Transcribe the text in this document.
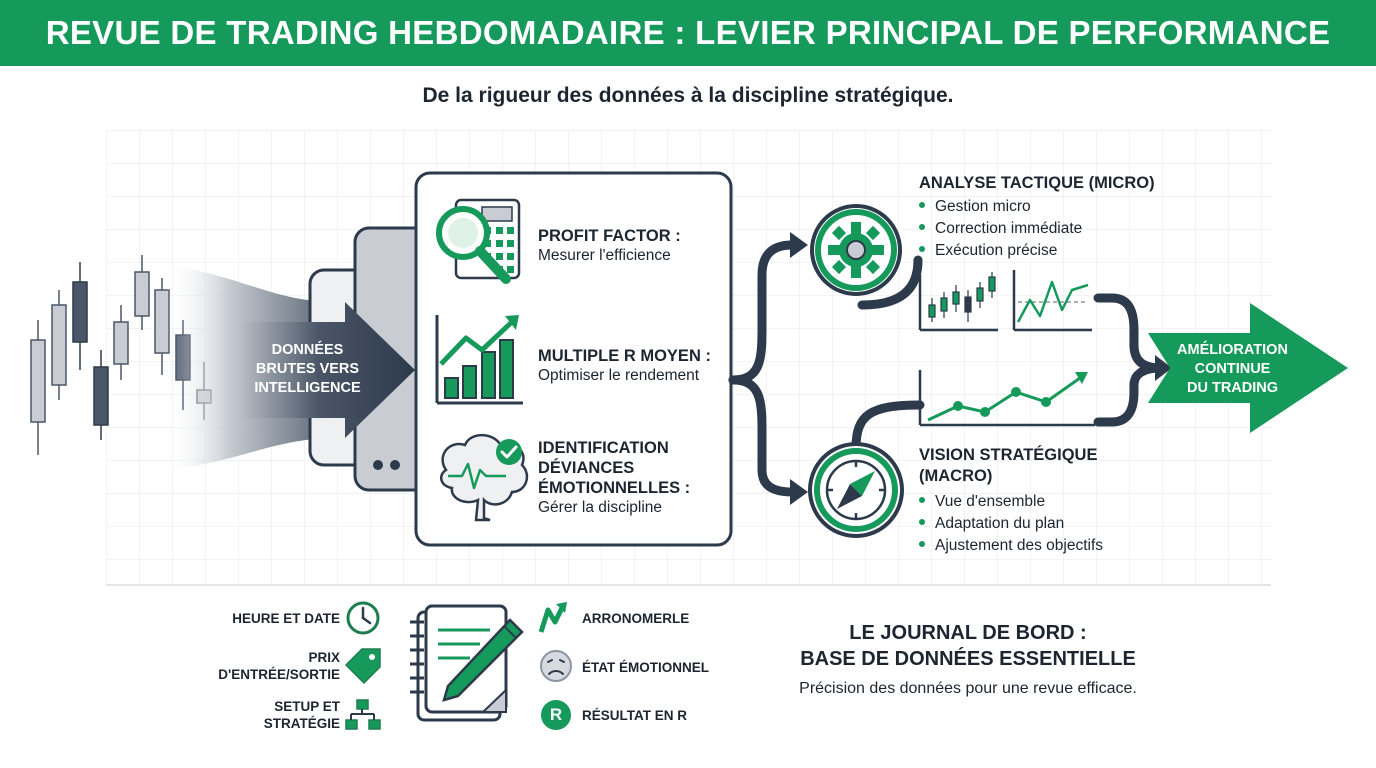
REVUE DE TRADING HEBDOMADAIRE : LEVIER PRINCIPAL DE PERFORMANCE
De la rigueur des données à la discipline stratégique.
DONNÉES
BRUTES VERS
INTELLIGENCE
PROFIT FACTOR :
Mesurer l'efficience
MULTIPLE R MOYEN :
Optimiser le rendement
IDENTIFICATION
DÉVIANCES
ÉMOTIONNELLES :
Gérer la discipline
ANALYSE TACTIQUE (MICRO)
Gestion micro
Correction immédiate
Exécution précise
VISION STRATÉGIQUE
(MACRO)
Vue d'ensemble
Adaptation du plan
Ajustement des objectifs
AMÉLIORATION
CONTINUE
DU TRADING
HEURE ET DATE
PRIX
D'ENTRÉE/SORTIE
SETUP ET
STRATÉGIE
ARRONOMERLE
ÉTAT ÉMOTIONNEL
RÉSULTAT EN R
R
LE JOURNAL DE BORD :
BASE DE DONNÉES ESSENTIELLE
Précision des données pour une revue efficace.
